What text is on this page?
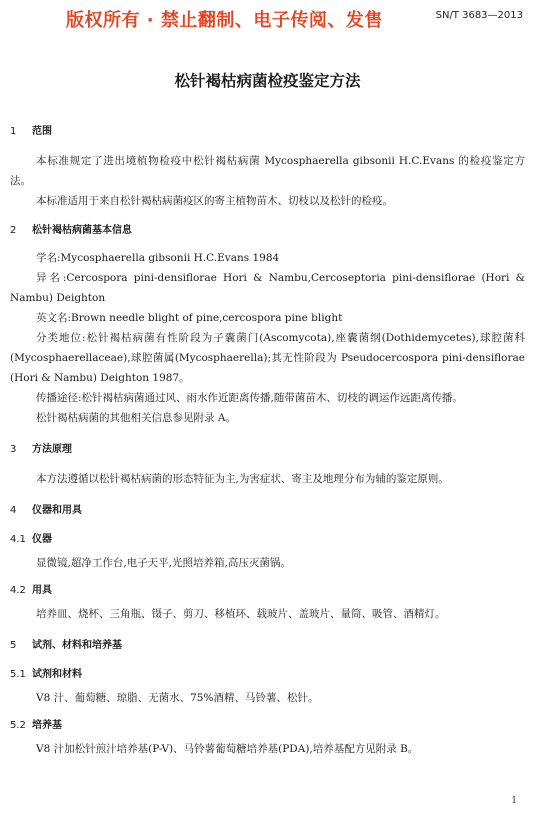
版权所有 · 禁止翻制、电子传阅、发售	SN/T 3683—2013
松针褐枯病菌检疫鉴定方法
1 范围
本标准规定了进出境植物检疫中松针褐枯病菌 Mycosphaerella gibsonii H.C.Evans 的检疫鉴定方法。
本标准适用于来自松针褐枯病菌疫区的寄主植物苗木、切枝以及松针的检疫。
2 松针褐枯病菌基本信息
学名:Mycosphaerella gibsonii H.C.Evans 1984
异名:Cercospora pini-densiflorae Hori & Nambu,Cercoseptoria pini-densiflorae (Hori & Nambu) Deighton
英文名:Brown needle blight of pine,cercospora pine blight
分类地位:松针褐枯病菌有性阶段为子囊菌门(Ascomycota),座囊菌纲(Dothidemycetes),球腔菌科(Mycosphaerellaceae),球腔菌属(Mycosphaerella);其无性阶段为 Pseudocercospora pini-densiflorae (Hori & Nambu) Deighton 1987。
传播途径:松针褐枯病菌通过风、雨水作近距离传播,随带菌苗木、切枝的调运作远距离传播。
松针褐枯病菌的其他相关信息参见附录 A。
3 方法原理
本方法遵循以松针褐枯病菌的形态特征为主,为害症状、寄主及地理分布为辅的鉴定原则。
4 仪器和用具
4.1 仪器
显微镜,超净工作台,电子天平,光照培养箱,高压灭菌锅。
4.2 用具
培养皿、烧杯、三角瓶、镊子、剪刀、移植环、载玻片、盖玻片、量筒、吸管、酒精灯。
5 试剂、材料和培养基
5.1 试剂和材料
V8 汁、葡萄糖、琼脂、无菌水、75%酒精、马铃薯、松针。
5.2 培养基
V8 汁加松针煎汁培养基(P-V)、马铃薯葡萄糖培养基(PDA),培养基配方见附录 B。
1
